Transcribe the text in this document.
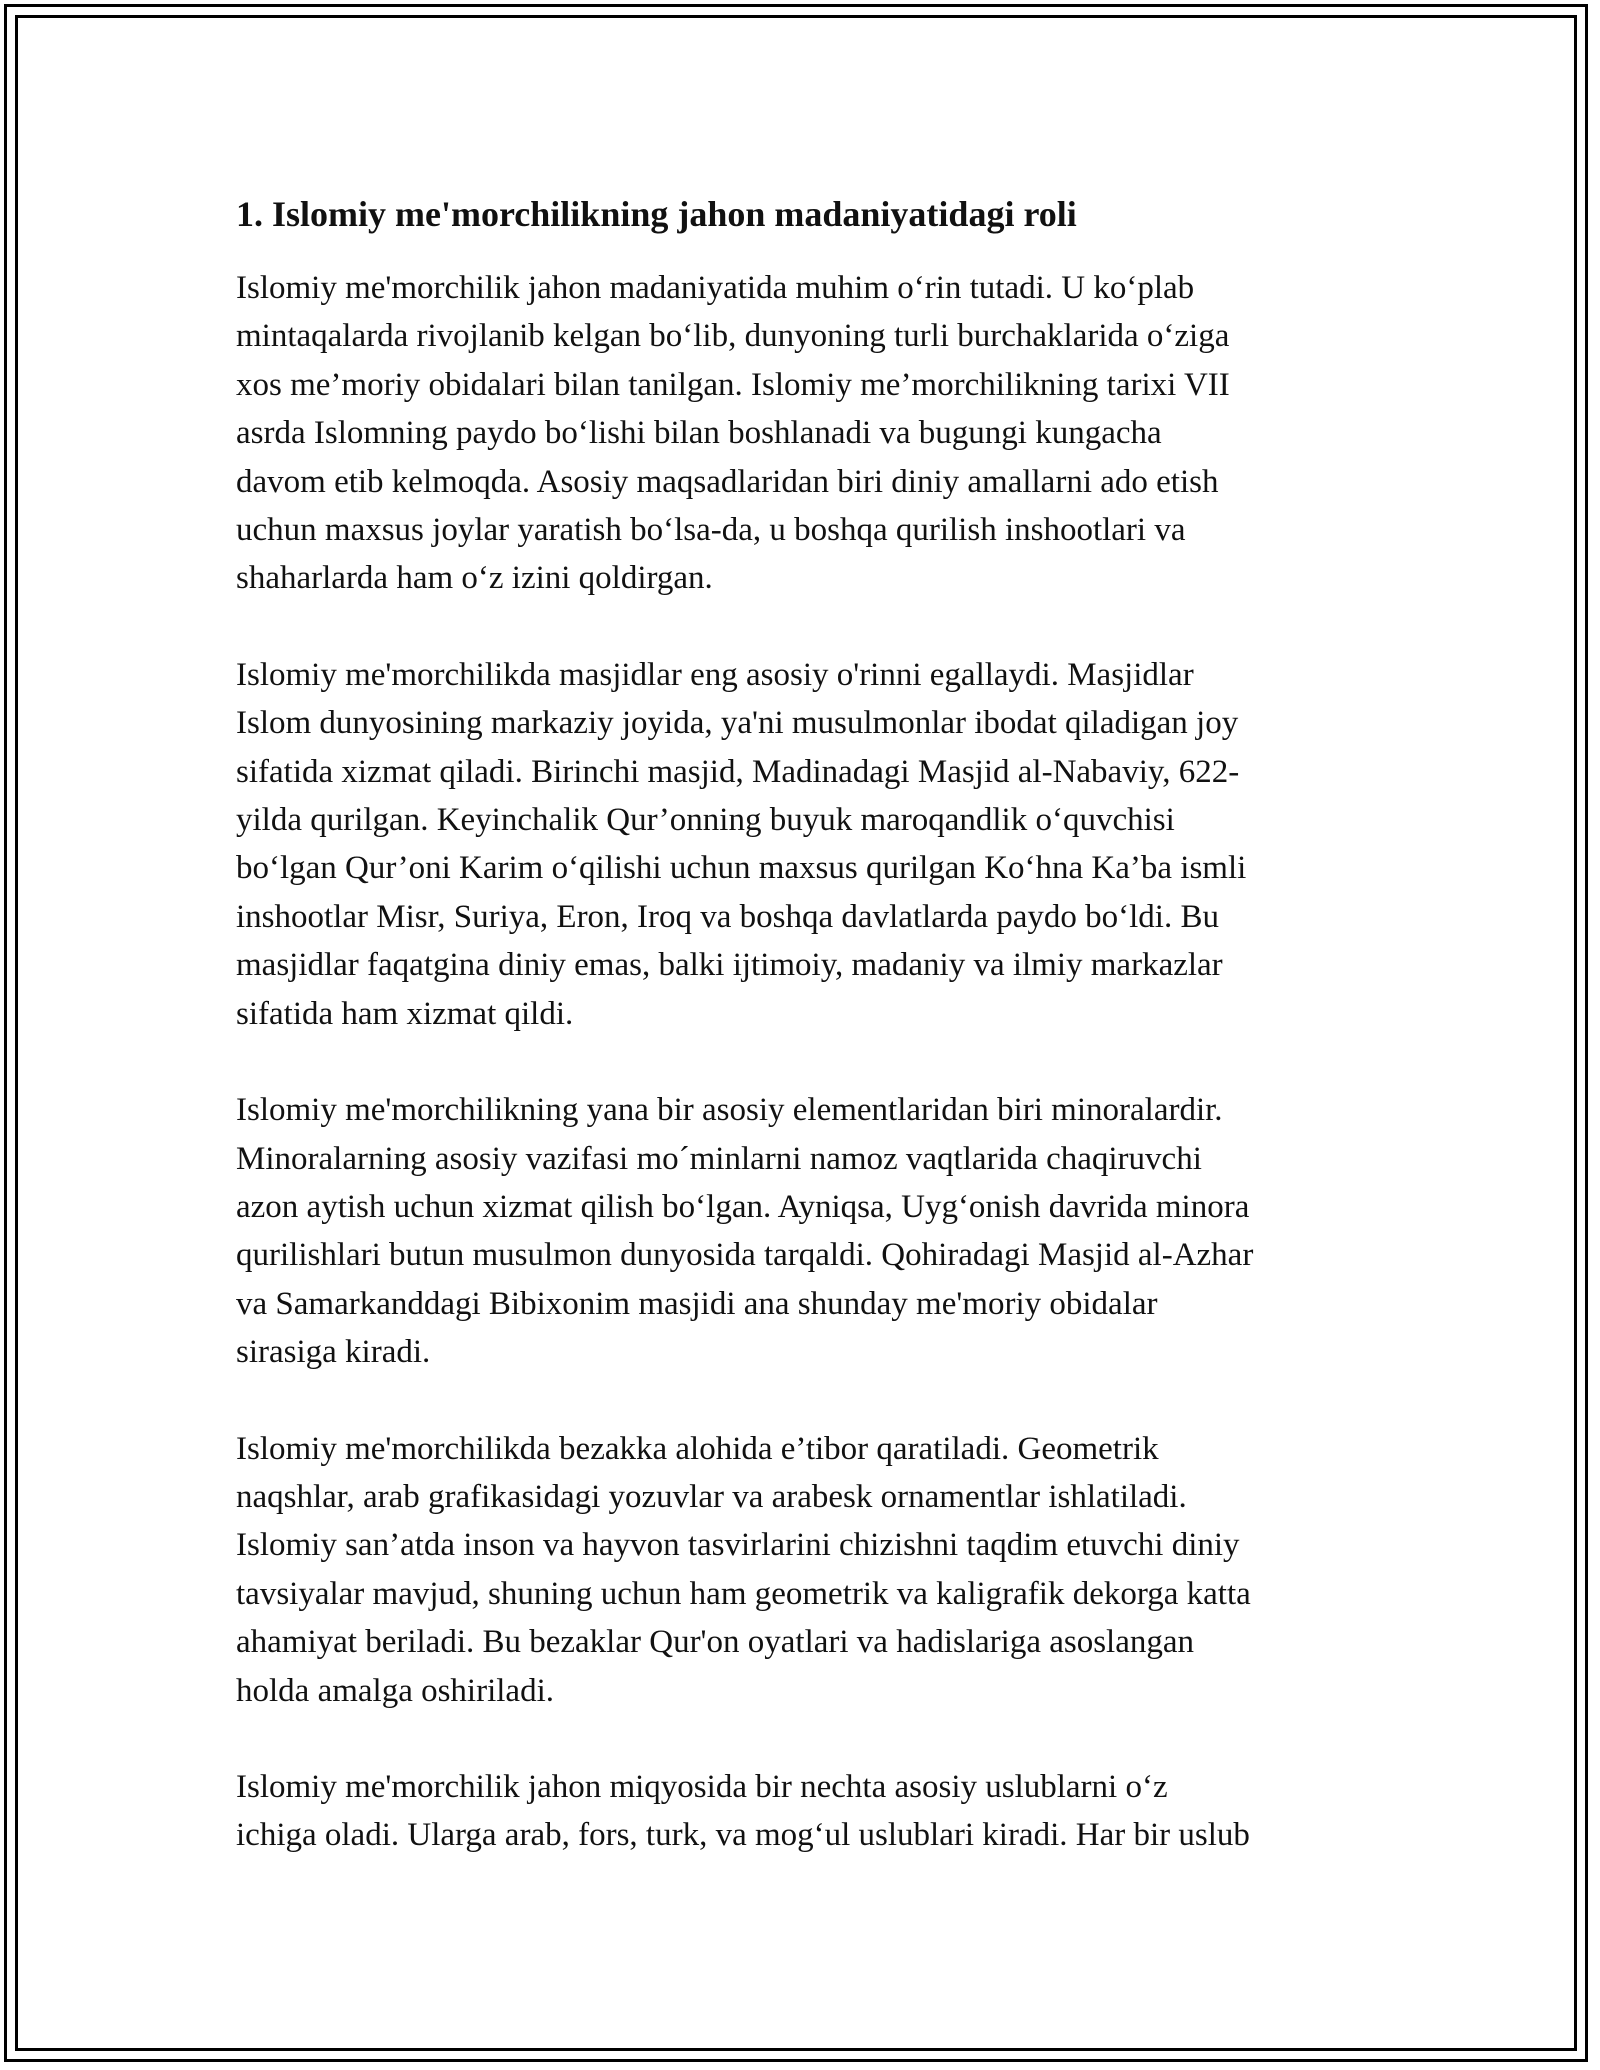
1. Islomiy me'morchilikning jahon madaniyatidagi roli

Islomiy me'morchilik jahon madaniyatida muhim o‘rin tutadi. U ko‘plab
mintaqalarda rivojlanib kelgan bo‘lib, dunyoning turli burchaklarida o‘ziga
xos me’moriy obidalari bilan tanilgan. Islomiy me’morchilikning tarixi VII
asrda Islomning paydo bo‘lishi bilan boshlanadi va bugungi kungacha
davom etib kelmoqda. Asosiy maqsadlaridan biri diniy amallarni ado etish
uchun maxsus joylar yaratish bo‘lsa-da, u boshqa qurilish inshootlari va
shaharlarda ham o‘z izini qoldirgan.

Islomiy me'morchilikda masjidlar eng asosiy o'rinni egallaydi. Masjidlar
Islom dunyosining markaziy joyida, ya'ni musulmonlar ibodat qiladigan joy
sifatida xizmat qiladi. Birinchi masjid, Madinadagi Masjid al-Nabaviy, 622-
yilda qurilgan. Keyinchalik Qur’onning buyuk maroqandlik o‘quvchisi
bo‘lgan Qur’oni Karim o‘qilishi uchun maxsus qurilgan Ko‘hna Ka’ba ismli
inshootlar Misr, Suriya, Eron, Iroq va boshqa davlatlarda paydo bo‘ldi. Bu
masjidlar faqatgina diniy emas, balki ijtimoiy, madaniy va ilmiy markazlar
sifatida ham xizmat qildi.

Islomiy me'morchilikning yana bir asosiy elementlaridan biri minoralardir.
Minoralarning asosiy vazifasi mo´minlarni namoz vaqtlarida chaqiruvchi
azon aytish uchun xizmat qilish bo‘lgan. Ayniqsa, Uyg‘onish davrida minora
qurilishlari butun musulmon dunyosida tarqaldi. Qohiradagi Masjid al-Azhar
va Samarkanddagi Bibixonim masjidi ana shunday me'moriy obidalar
sirasiga kiradi.

Islomiy me'morchilikda bezakka alohida e’tibor qaratiladi. Geometrik
naqshlar, arab grafikasidagi yozuvlar va arabesk ornamentlar ishlatiladi.
Islomiy san’atda inson va hayvon tasvirlarini chizishni taqdim etuvchi diniy
tavsiyalar mavjud, shuning uchun ham geometrik va kaligrafik dekorga katta
ahamiyat beriladi. Bu bezaklar Qur'on oyatlari va hadislariga asoslangan
holda amalga oshiriladi.

Islomiy me'morchilik jahon miqyosida bir nechta asosiy uslublarni o‘z
ichiga oladi. Ularga arab, fors, turk, va mog‘ul uslublari kiradi. Har bir uslub
